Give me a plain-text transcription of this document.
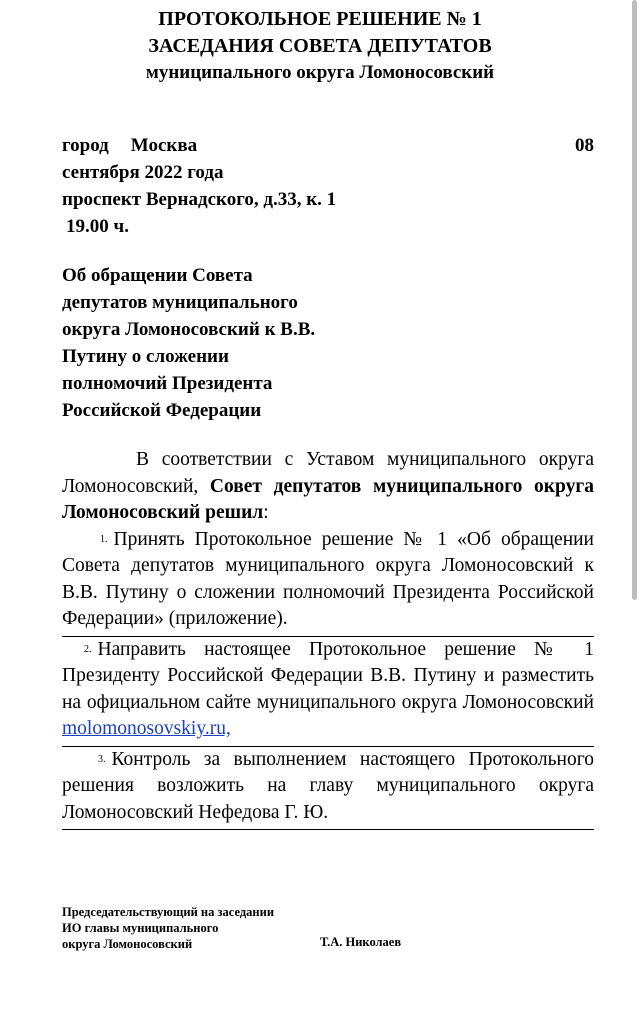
ПРОТОКОЛЬНОЕ РЕШЕНИЕ № 1
ЗАСЕДАНИЯ СОВЕТА ДЕПУТАТОВ
муниципального округа Ломоносовский
город Москва	08
сентября 2022 года
проспект Вернадского, д.33, к. 1
19.00 ч.
Об обращении Совета
депутатов муниципального
округа Ломоносовский к В.В.
Путину о сложении
полномочий Президента
Российской Федерации

В соответствии с Уставом муниципального округа Ломоносовский, Совет депутатов муниципального округа Ломоносовский решил:

1. Принять Протокольное решение № 1 «Об обращении Совета депутатов муниципального округа Ломоносовский к В.В. Путину о сложении полномочий Президента Российской Федерации» (приложение).

2. Направить настоящее Протокольное решение № 1 Президенту Российской Федерации В.В. Путину и разместить на официальном сайте муниципального округа Ломоносовский molomonosovskiy.ru,

3. Контроль за выполнением настоящего Протокольного решения возложить на главу муниципального округа Ломоносовский Нефедова Г. Ю.

Председательствующий на заседании
ИО главы муниципального
округа Ломоносовский	Т.А. Николаев
